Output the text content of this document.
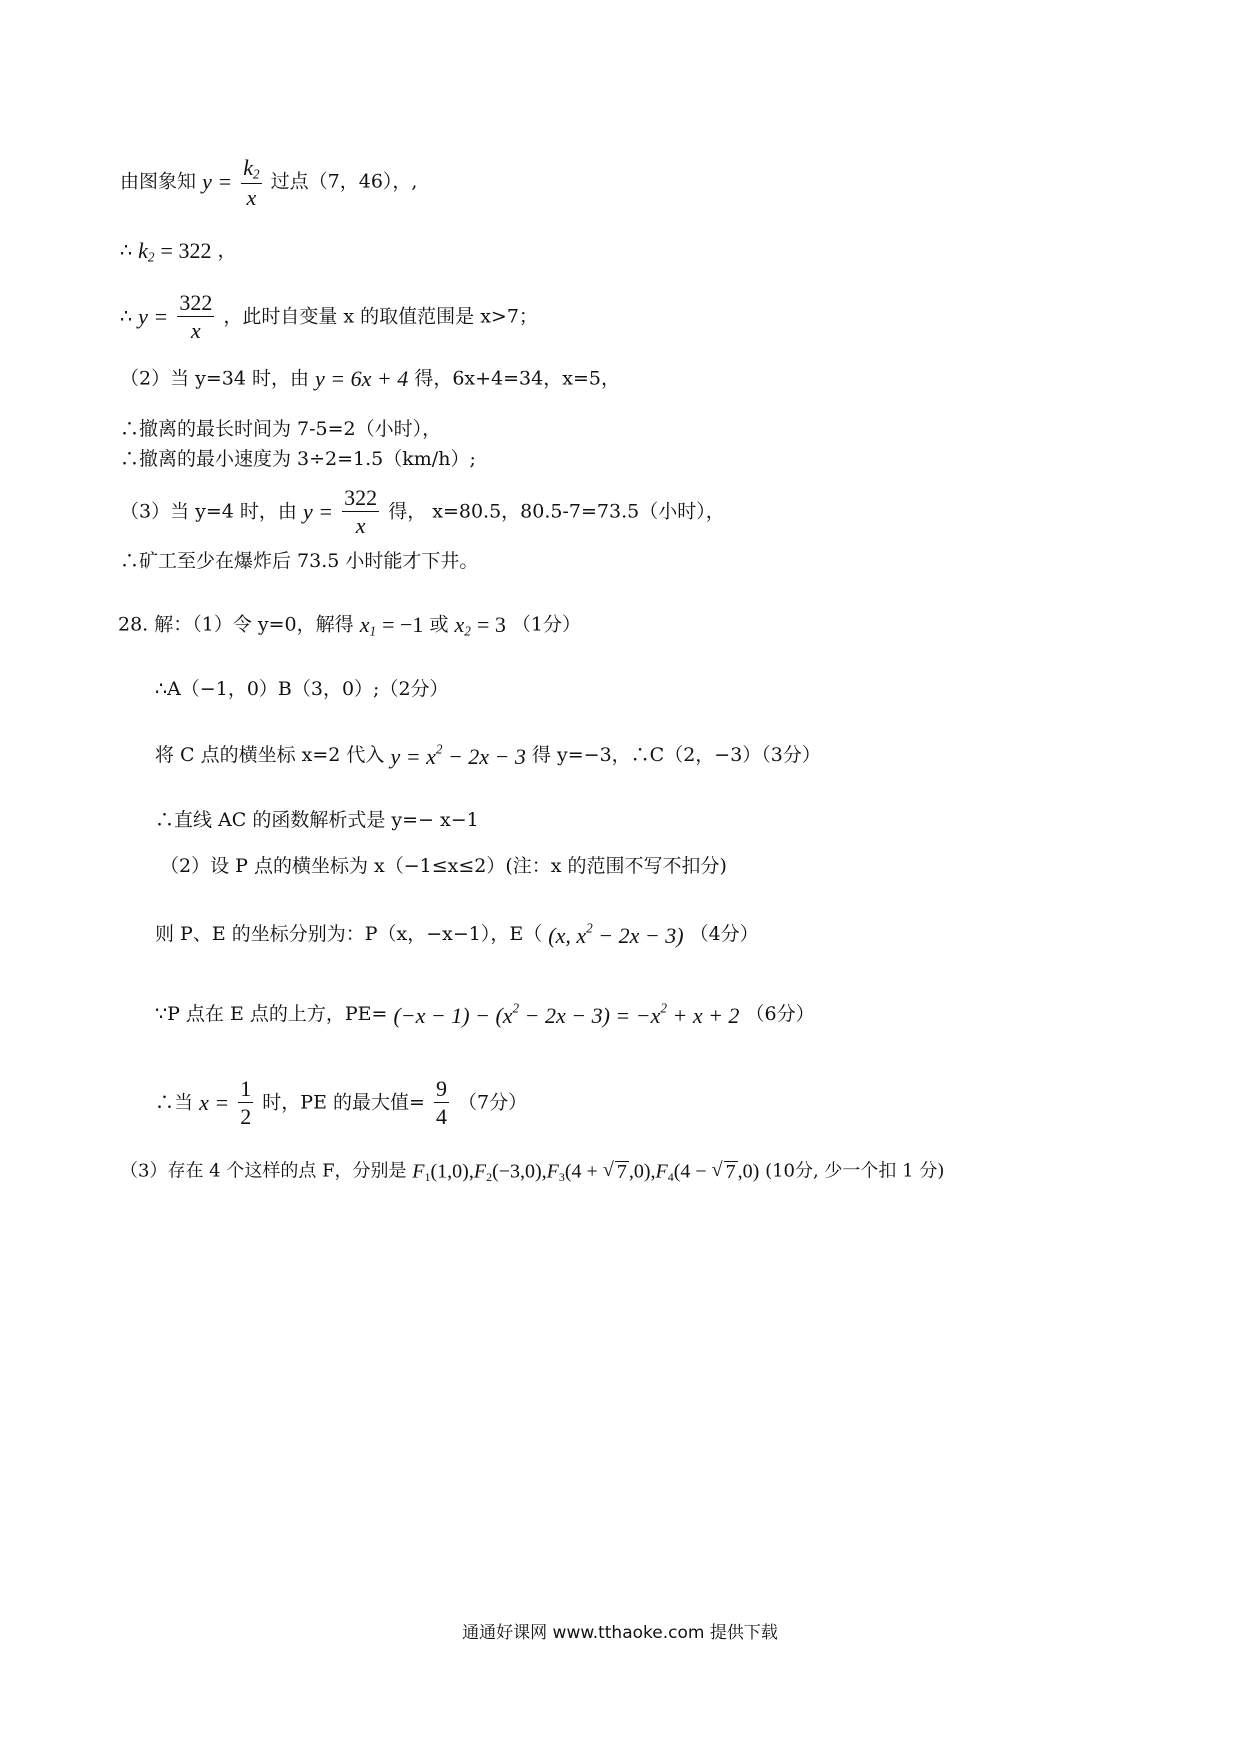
由图象知 $y = \frac{k_2}{x}$ 过点（7，46），,
∴ $k_2 = 322$ ，
∴ $y = \frac{322}{x}$ ，此时自变量 x 的取值范围是 x>7；
（2）当 y=34 时，由 y = 6x + 4 得，6x+4=34，x=5，
∴撤离的最长时间为 7-5=2（小时），
∴撤离的最小速度为 3÷2=1.5（km/h）;
（3）当 y=4 时，由 $y = \frac{322}{x}$ 得， x=80.5，80.5-7=73.5（小时），
∴矿工至少在爆炸后 73.5 小时能才下井。
28. 解：（1）令 y=0，解得 $x_1 = -1$ 或 $x_2 = 3$ （1分）
∴A（−1，0）B（3，0）;（2分）
将 C 点的横坐标 x=2 代入 $y = x^2 - 2x - 3$ 得 y=−3，∴C（2，−3）（3分）
∴直线 AC 的函数解析式是 y=− x−1
（2）设 P 点的横坐标为 x（−1≤x≤2）(注：x 的范围不写不扣分)
则 P、E 的坐标分别为：P（x，−x−1），E（ (x, $x^2 - 2x - 3$) （4分）
∵P 点在 E 点的上方，$PE= (-x - 1) - (x^2 - 2x - 3) = -x^2 + x + 2$ （6分）
∴当 $x = \frac{1}{2}$ 时，PE 的最大值= $\frac{9}{4} (7$分）
（3）存在 4 个这样的点 F，分别是 $F_1(1,0),F_2(-3,0),F_3(4$ + √ 7 $,0),F_4(4$ − √ 7 ,0) (10分, 少一个扣 1 分)
通通好课网 www.tthaoke.com 提供下载
